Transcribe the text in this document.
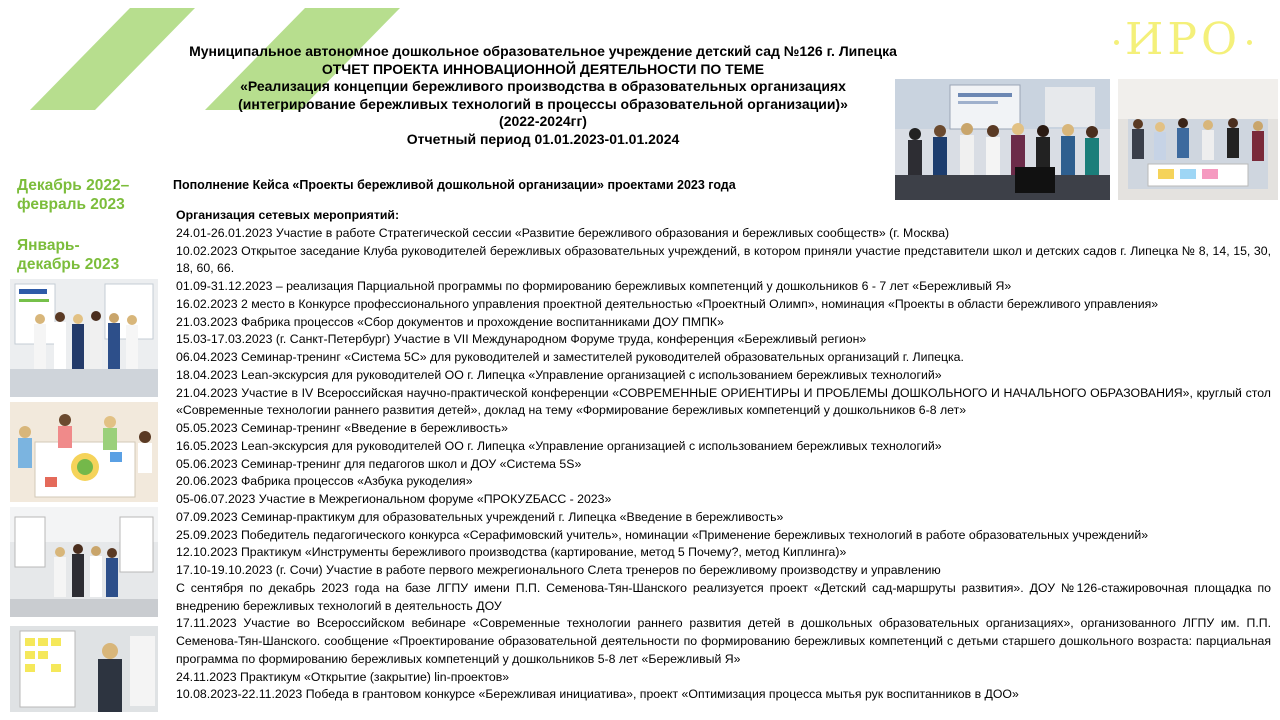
ИРО
Муниципальное автономное дошкольное образовательное учреждение детский сад №126 г. Липецка
ОТЧЕТ ПРОЕКТА ИННОВАЦИОННОЙ ДЕЯТЕЛЬНОСТИ ПО ТЕМЕ
«Реализация концепции бережливого производства в образовательных организациях
(интегрирование бережливых технологий в процессы образовательной организации)»
(2022-2024гг)
Отчетный период 01.01.2023-01.01.2024
Декабрь 2022–
февраль 2023
Январь-
декабрь 2023
Пополнение Кейса «Проекты бережливой дошкольной организации» проектами 2023 года
Организация сетевых мероприятий:
24.01-26.01.2023 Участие в работе Стратегической сессии «Развитие бережливого образования и бережливых сообществ» (г. Москва)
10.02.2023 Открытое заседание Клуба руководителей бережливых образовательных учреждений, в котором приняли участие представители школ и детских садов г. Липецка № 8, 14, 15, 30, 18, 60, 66.
01.09-31.12.2023 – реализация Парциальной программы по формированию бережливых компетенций у дошкольников 6 - 7 лет «Бережливый Я»
16.02.2023 2 место в Конкурсе профессионального управления проектной деятельностью «Проектный Олимп», номинация «Проекты в области бережливого управления»
21.03.2023 Фабрика процессов «Сбор документов и прохождение воспитанниками ДОУ ПМПК»
15.03-17.03.2023 (г. Санкт-Петербург) Участие в VII Международном Форуме труда, конференция «Бережливый регион»
06.04.2023 Семинар-тренинг «Система 5С» для руководителей и заместителей руководителей образовательных организаций г. Липецка.
18.04.2023 Lean-экскурсия для руководителей ОО г. Липецка «Управление организацией с использованием бережливых технологий»
21.04.2023 Участие в IV Всероссийская научно-практической конференции «СОВРЕМЕННЫЕ ОРИЕНТИРЫ И ПРОБЛЕМЫ ДОШКОЛЬНОГО И НАЧАЛЬНОГО ОБРАЗОВАНИЯ», круглый стол «Современные технологии раннего развития детей», доклад на тему «Формирование бережливых компетенций у дошкольников 6-8 лет»
05.05.2023 Семинар-тренинг «Введение в бережливость»
16.05.2023 Lean-экскурсия для руководителей ОО г. Липецка «Управление организацией с использованием бережливых технологий»
05.06.2023 Семинар-тренинг для педагогов школ и ДОУ «Система 5S»
20.06.2023 Фабрика процессов «Азбука рукоделия»
05-06.07.2023 Участие в Межрегиональном форуме «ПРОКУZБАСС - 2023»
07.09.2023 Семинар-практикум для образовательных учреждений г. Липецка «Введение в бережливость»
25.09.2023 Победитель педагогического конкурса «Серафимовский учитель», номинации «Применение бережливых технологий в работе образовательных учреждений»
12.10.2023 Практикум «Инструменты бережливого производства (картирование, метод 5 Почему?, метод Киплинга)»
17.10-19.10.2023 (г. Сочи) Участие в работе первого межрегионального Слета тренеров по бережливому производству и управлению
С сентября по декабрь 2023 года на базе ЛГПУ имени П.П. Семенова-Тян-Шанского реализуется проект «Детский сад-маршруты развития». ДОУ №126-стажировочная площадка по внедрению бережливых технологий в деятельность ДОУ
17.11.2023 Участие во Всероссийском вебинаре «Современные технологии раннего развития детей в дошкольных образовательных организациях», организованного ЛГПУ им. П.П. Семенова-Тян-Шанского. сообщение «Проектирование образовательной деятельности по формированию бережливых компетенций с детьми старшего дошкольного возраста: парциальная программа по формированию бережливых компетенций у дошкольников 5-8 лет «Бережливый Я»
24.11.2023 Практикум «Открытие (закрытие) lin-проектов»
10.08.2023-22.11.2023 Победа в грантовом конкурсе «Бережливая инициатива», проект «Оптимизация процесса мытья рук воспитанников в ДОО»
